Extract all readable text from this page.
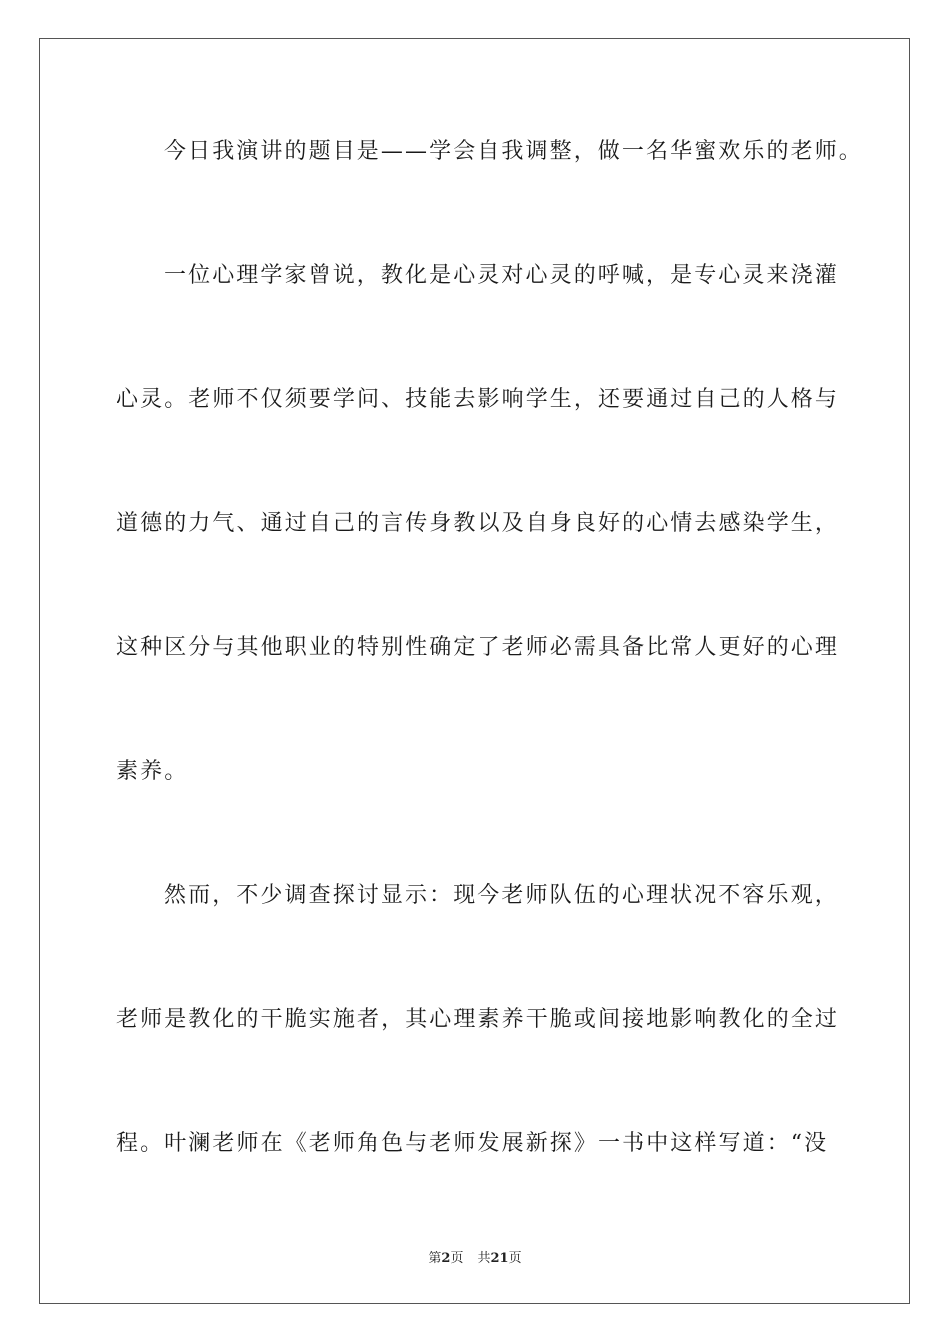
今日我演讲的题目是——学会自我调整，做一名华蜜欢乐的老师。
一位心理学家曾说，教化是心灵对心灵的呼喊，是专心灵来浇灌
心灵。老师不仅须要学问、技能去影响学生，还要通过自己的人格与
道德的力气、通过自己的言传身教以及自身良好的心情去感染学生，
这种区分与其他职业的特别性确定了老师必需具备比常人更好的心理
素养。
然而，不少调查探讨显示：现今老师队伍的心理状况不容乐观，
老师是教化的干脆实施者，其心理素养干脆或间接地影响教化的全过
程。叶澜老师在《老师角色与老师发展新探》一书中这样写道：“没
第2页 共21页
